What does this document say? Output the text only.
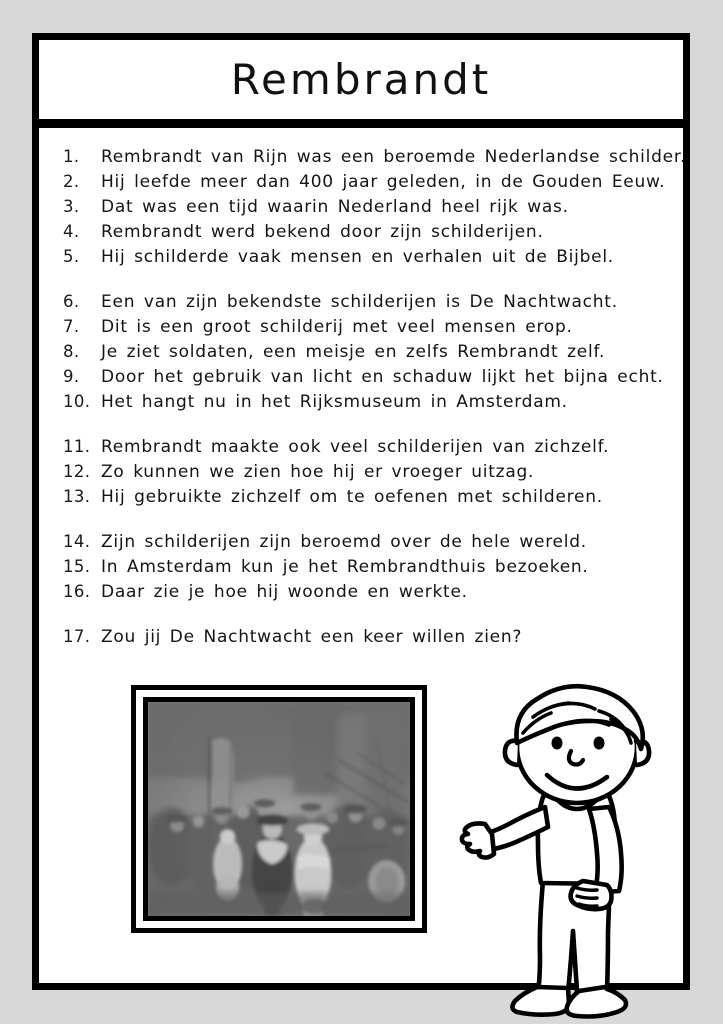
Rembrandt
1.	Rembrandt van Rijn was een beroemde Nederlandse schilder.
2.	Hij leefde meer dan 400 jaar geleden, in de Gouden Eeuw.
3.	Dat was een tijd waarin Nederland heel rijk was.
4.	Rembrandt werd bekend door zijn schilderijen.
5.	Hij schilderde vaak mensen en verhalen uit de Bijbel.
6.	Een van zijn bekendste schilderijen is De Nachtwacht.
7.	Dit is een groot schilderij met veel mensen erop.
8.	Je ziet soldaten, een meisje en zelfs Rembrandt zelf.
9.	Door het gebruik van licht en schaduw lijkt het bijna echt.
10. Het hangt nu in het Rijksmuseum in Amsterdam.
11. Rembrandt maakte ook veel schilderijen van zichzelf.
12. Zo kunnen we zien hoe hij er vroeger uitzag.
13. Hij gebruikte zichzelf om te oefenen met schilderen.
14. Zijn schilderijen zijn beroemd over de hele wereld.
15. In Amsterdam kun je het Rembrandthuis bezoeken.
16. Daar zie je hoe hij woonde en werkte.
17. Zou jij De Nachtwacht een keer willen zien?
